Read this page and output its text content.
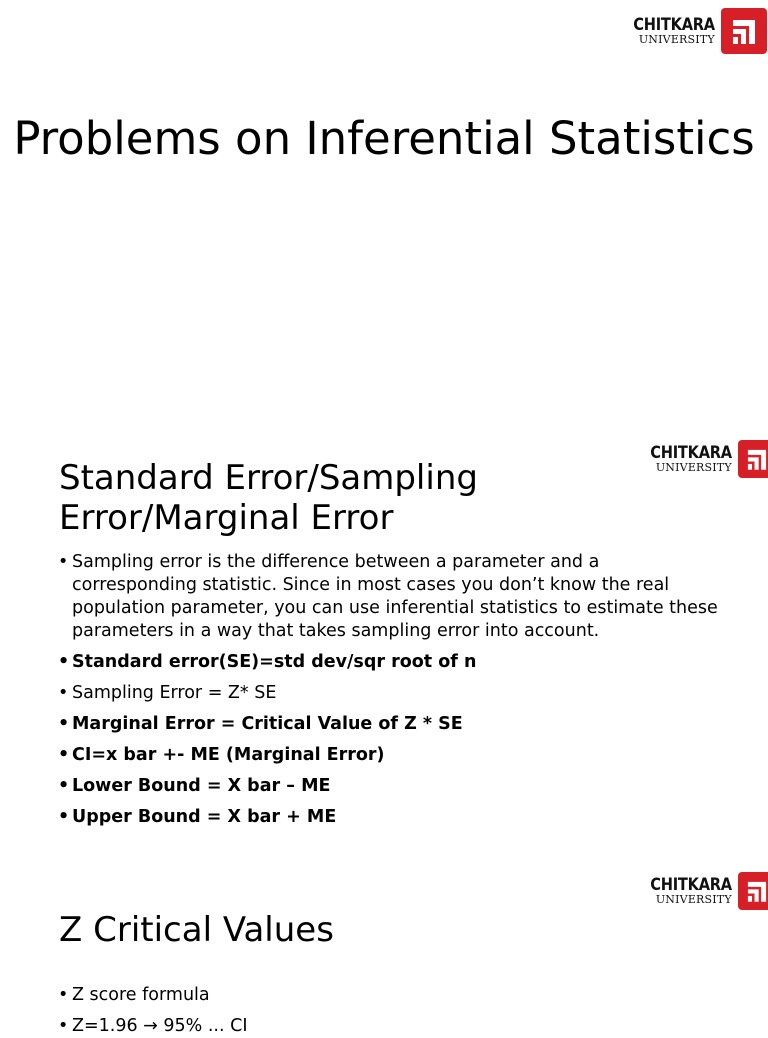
CHITKARA
UNIVERSITY
Problems on Inferential Statistics
CHITKARA
UNIVERSITY
Standard Error/Sampling
Error/Marginal Error
• Sampling error is the difference between a parameter and a corresponding statistic. Since in most cases you don’t know the real population parameter, you can use inferential statistics to estimate these parameters in a way that takes sampling error into account.
• Standard error(SE)=std dev/sqr root of n
• Sampling Error = Z* SE
• Marginal Error = Critical Value of Z * SE
• CI=x bar +- ME (Marginal Error)
• Lower Bound = X bar – ME
• Upper Bound = X bar + ME
CHITKARA
UNIVERSITY
Z Critical Values
• Z score formula
• Z=1.96 → 95% ... CI
